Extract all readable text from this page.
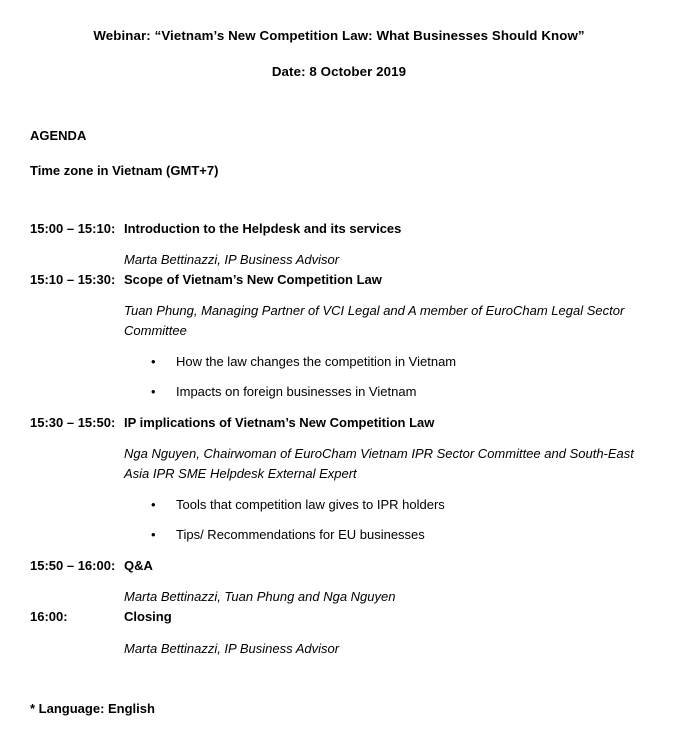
Webinar: “Vietnam’s New Competition Law: What Businesses Should Know”
Date: 8 October 2019
AGENDA
Time zone in Vietnam (GMT+7)
15:00 – 15:10: Introduction to the Helpdesk and its services
Marta Bettinazzi, IP Business Advisor
15:10 – 15:30: Scope of Vietnam’s New Competition Law
Tuan Phung, Managing Partner of VCI Legal and A member of EuroCham Legal Sector Committee
• How the law changes the competition in Vietnam
• Impacts on foreign businesses in Vietnam
15:30 – 15:50: IP implications of Vietnam’s New Competition Law
Nga Nguyen, Chairwoman of EuroCham Vietnam IPR Sector Committee and South-East Asia IPR SME Helpdesk External Expert
• Tools that competition law gives to IPR holders
• Tips/ Recommendations for EU businesses
15:50 – 16:00: Q&A
Marta Bettinazzi, Tuan Phung and Nga Nguyen
16:00:	Closing
Marta Bettinazzi, IP Business Advisor
* Language: English
